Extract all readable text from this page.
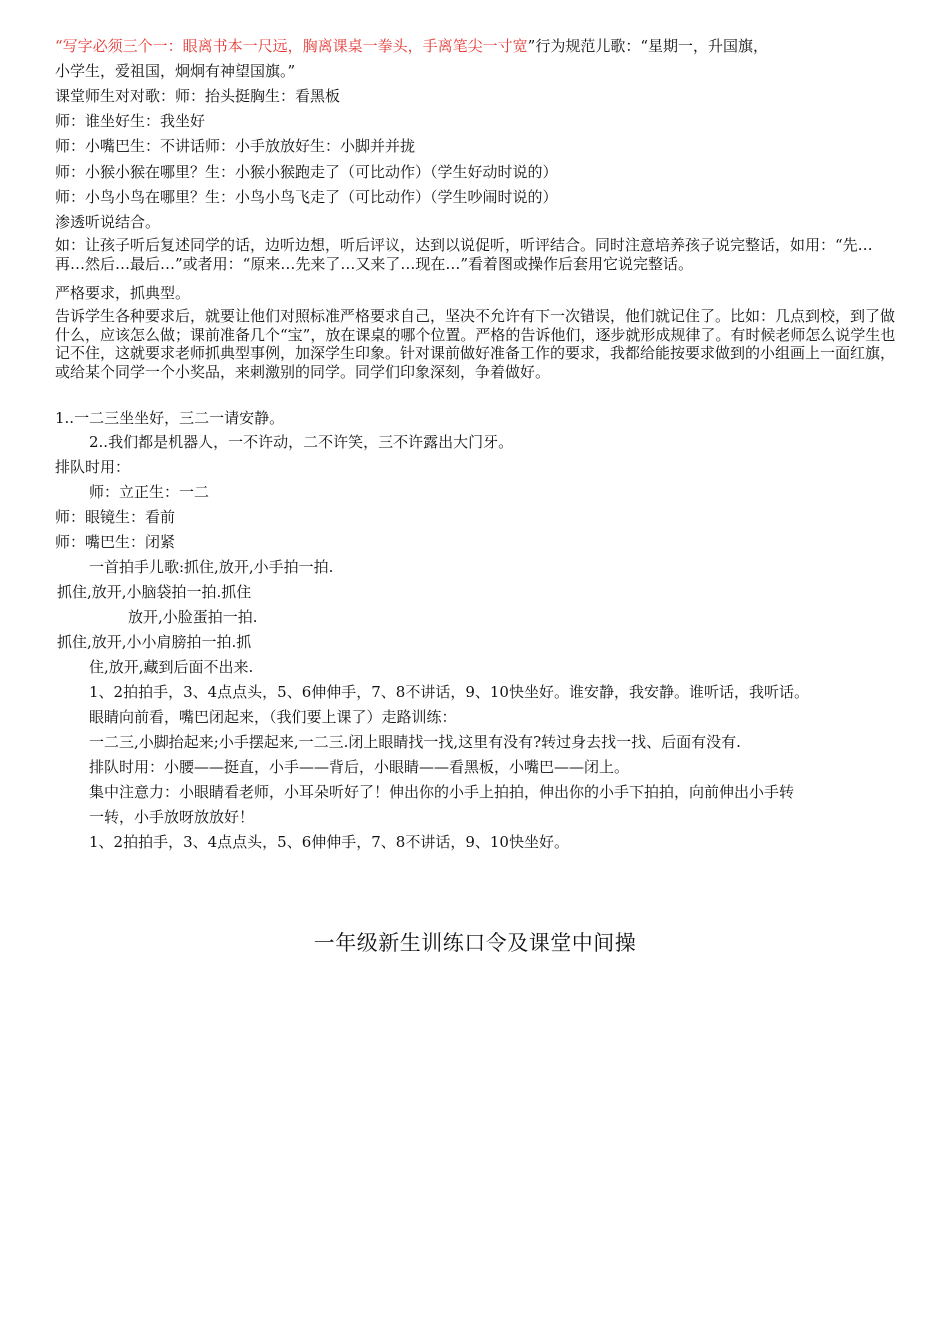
“写字必须三个一：眼离书本一尺远，胸离课桌一拳头，手离笔尖一寸宽”行为规范儿歌：“星期一，升国旗，
小学生，爱祖国，炯炯有神望国旗。”
课堂师生对对歌：师：抬头挺胸生：看黑板
师：谁坐好生：我坐好
师：小嘴巴生：不讲话师：小手放放好生：小脚并并拢
师：小猴小猴在哪里？生：小猴小猴跑走了（可比动作）（学生好动时说的）
师：小鸟小鸟在哪里？生：小鸟小鸟飞走了（可比动作）（学生吵闹时说的）
渗透听说结合。
如：让孩子听后复述同学的话，边听边想，听后评议，达到以说促听，听评结合。同时注意培养孩子说完整话，如用：“先…再…然后…最后…”或者用：“原来…先来了…又来了…现在…”看着图或操作后套用它说完整话。
严格要求，抓典型。
告诉学生各种要求后，就要让他们对照标准严格要求自己，坚决不允许有下一次错误，他们就记住了。比如：几点到校，到了做什么，应该怎么做；课前准备几个“宝”，放在课桌的哪个位置。严格的告诉他们，逐步就形成规律了。有时候老师怎么说学生也记不住，这就要求老师抓典型事例，加深学生印象。针对课前做好准备工作的要求，我都给能按要求做到的小组画上一面红旗，或给某个同学一个小奖品，来刺激别的同学。同学们印象深刻，争着做好。
1..一二三坐坐好，三二一请安静。
2..我们都是机器人，一不许动，二不许笑，三不许露出大门牙。
排队时用：
师：立正生：一二
师：眼镜生：看前
师：嘴巴生：闭紧
一首拍手儿歌:抓住,放开,小手拍一拍.
抓住,放开,小脑袋拍一拍.抓住
放开,小脸蛋拍一拍.
抓住,放开,小小肩膀拍一拍.抓
住,放开,藏到后面不出来.
1、2拍拍手，3、4点点头，5、6伸伸手，7、8不讲话，9、10快坐好。谁安静，我安静。谁听话，我听话。
眼睛向前看，嘴巴闭起来，（我们要上课了）走路训练：
一二三,小脚抬起来;小手摆起来,一二三.闭上眼睛找一找,这里有没有?转过身去找一找、后面有没有.
排队时用：小腰——挺直，小手——背后，小眼睛——看黑板，小嘴巴——闭上。
集中注意力：小眼睛看老师，小耳朵听好了！伸出你的小手上拍拍，伸出你的小手下拍拍，向前伸出小手转
一转，小手放呀放放好！
1、2拍拍手，3、4点点头，5、6伸伸手，7、8不讲话，9、10快坐好。
一年级新生训练口令及课堂中间操
